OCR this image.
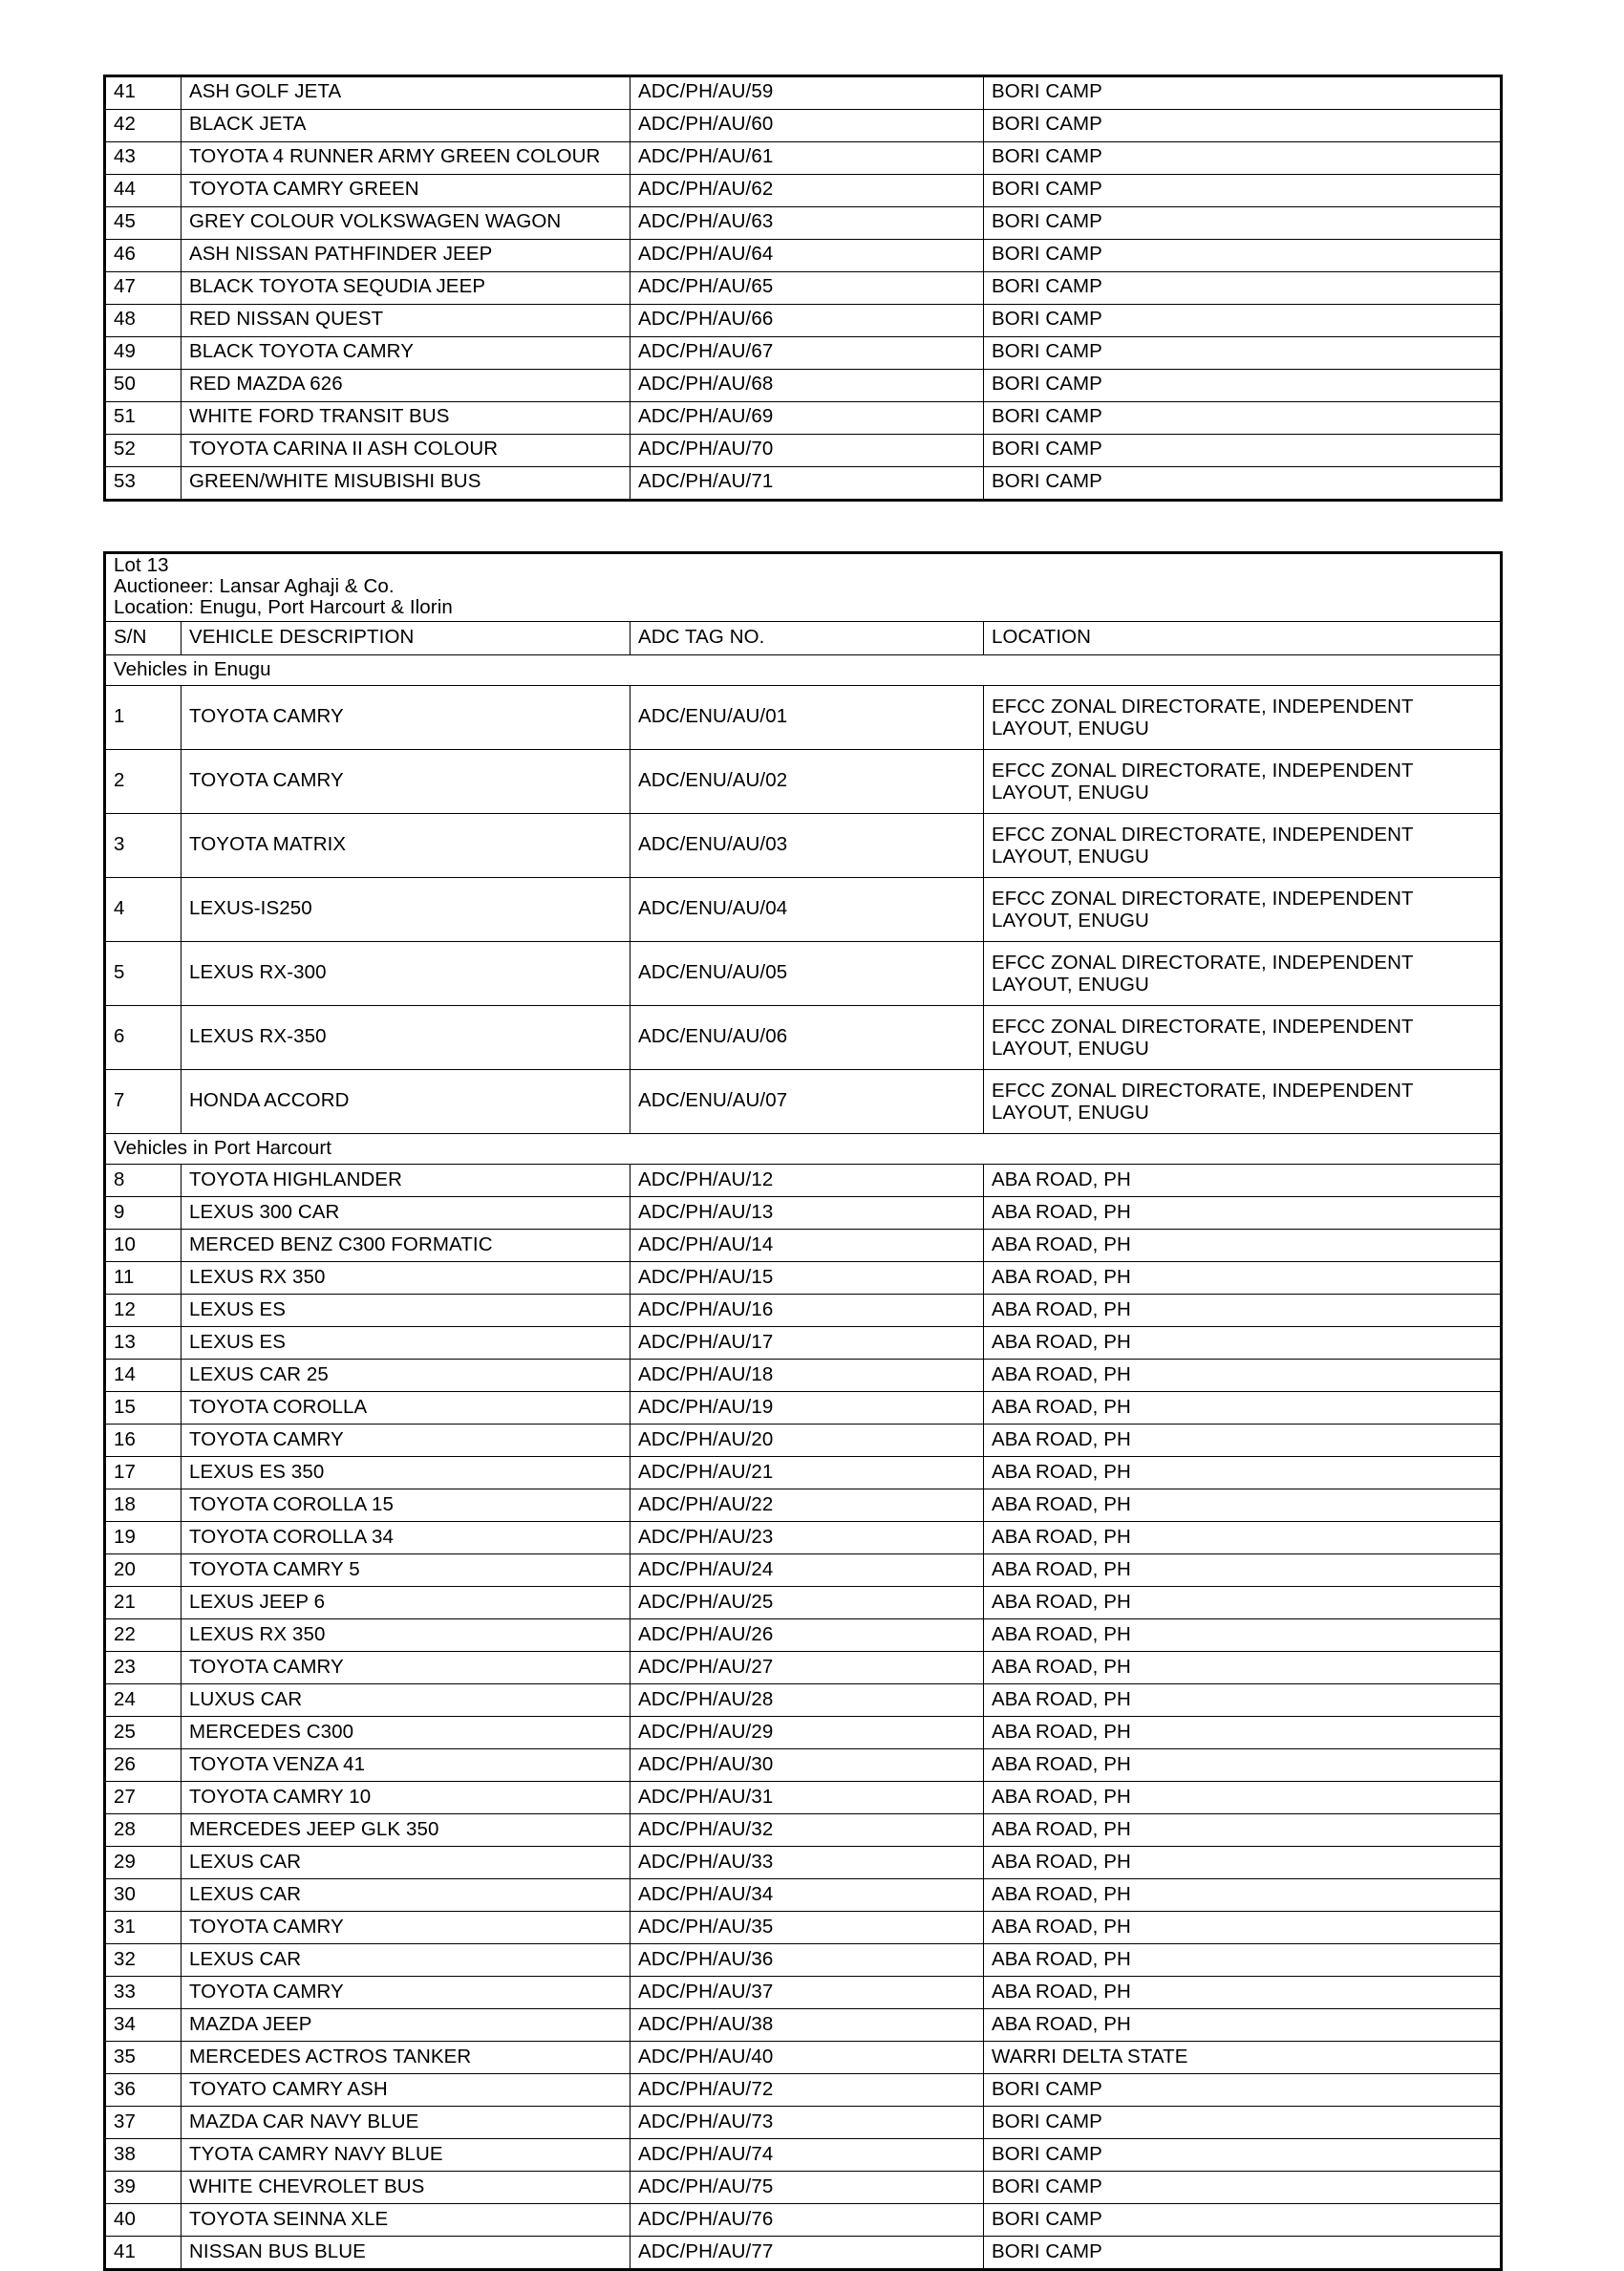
41	ASH GOLF JETA	ADC/PH/AU/59	BORI CAMP
42	BLACK JETA	ADC/PH/AU/60	BORI CAMP
43	TOYOTA 4 RUNNER ARMY GREEN COLOUR	ADC/PH/AU/61	BORI CAMP
44	TOYOTA CAMRY GREEN	ADC/PH/AU/62	BORI CAMP
45	GREY COLOUR VOLKSWAGEN WAGON	ADC/PH/AU/63	BORI CAMP
46	ASH NISSAN PATHFINDER JEEP	ADC/PH/AU/64	BORI CAMP
47	BLACK TOYOTA SEQUDIA JEEP	ADC/PH/AU/65	BORI CAMP
48	RED NISSAN QUEST	ADC/PH/AU/66	BORI CAMP
49	BLACK TOYOTA CAMRY	ADC/PH/AU/67	BORI CAMP
50	RED MAZDA 626	ADC/PH/AU/68	BORI CAMP
51	WHITE FORD TRANSIT BUS	ADC/PH/AU/69	BORI CAMP
52	TOYOTA CARINA II ASH COLOUR	ADC/PH/AU/70	BORI CAMP
53	GREEN/WHITE MISUBISHI BUS	ADC/PH/AU/71	BORI CAMP
Lot 13
Auctioneer: Lansar Aghaji & Co.
Location: Enugu, Port Harcourt & Ilorin			

S/N	VEHICLE DESCRIPTION	ADC TAG NO.	LOCATION
Vehicles in Enugu			
1	TOYOTA CAMRY	ADC/ENU/AU/01	EFCC ZONAL DIRECTORATE, INDEPENDENT LAYOUT, ENUGU
2	TOYOTA CAMRY	ADC/ENU/AU/02	EFCC ZONAL DIRECTORATE, INDEPENDENT LAYOUT, ENUGU
3	TOYOTA MATRIX	ADC/ENU/AU/03	EFCC ZONAL DIRECTORATE, INDEPENDENT LAYOUT, ENUGU
4	LEXUS-IS250	ADC/ENU/AU/04	EFCC ZONAL DIRECTORATE, INDEPENDENT LAYOUT, ENUGU
5	LEXUS RX-300	ADC/ENU/AU/05	EFCC ZONAL DIRECTORATE, INDEPENDENT LAYOUT, ENUGU
6	LEXUS RX-350	ADC/ENU/AU/06	EFCC ZONAL DIRECTORATE, INDEPENDENT LAYOUT, ENUGU
7	HONDA ACCORD	ADC/ENU/AU/07	EFCC ZONAL DIRECTORATE, INDEPENDENT LAYOUT, ENUGU
Vehicles in Port Harcourt			
8	TOYOTA HIGHLANDER	ADC/PH/AU/12	ABA ROAD, PH
9	LEXUS 300 CAR	ADC/PH/AU/13	ABA ROAD, PH
10	MERCED BENZ C300 FORMATIC	ADC/PH/AU/14	ABA ROAD, PH
11	LEXUS RX 350	ADC/PH/AU/15	ABA ROAD, PH
12	LEXUS ES	ADC/PH/AU/16	ABA ROAD, PH
13	LEXUS ES	ADC/PH/AU/17	ABA ROAD, PH
14	LEXUS CAR 25	ADC/PH/AU/18	ABA ROAD, PH
15	TOYOTA COROLLA	ADC/PH/AU/19	ABA ROAD, PH
16	TOYOTA CAMRY	ADC/PH/AU/20	ABA ROAD, PH
17	LEXUS ES 350	ADC/PH/AU/21	ABA ROAD, PH
18	TOYOTA COROLLA 15	ADC/PH/AU/22	ABA ROAD, PH
19	TOYOTA COROLLA 34	ADC/PH/AU/23	ABA ROAD, PH
20	TOYOTA CAMRY 5	ADC/PH/AU/24	ABA ROAD, PH
21	LEXUS JEEP 6	ADC/PH/AU/25	ABA ROAD, PH
22	LEXUS RX 350	ADC/PH/AU/26	ABA ROAD, PH
23	TOYOTA CAMRY	ADC/PH/AU/27	ABA ROAD, PH
24	LUXUS CAR	ADC/PH/AU/28	ABA ROAD, PH
25	MERCEDES C300	ADC/PH/AU/29	ABA ROAD, PH
26	TOYOTA VENZA 41	ADC/PH/AU/30	ABA ROAD, PH
27	TOYOTA CAMRY 10	ADC/PH/AU/31	ABA ROAD, PH
28	MERCEDES JEEP GLK 350	ADC/PH/AU/32	ABA ROAD, PH
29	LEXUS CAR	ADC/PH/AU/33	ABA ROAD, PH
30	LEXUS CAR	ADC/PH/AU/34	ABA ROAD, PH
31	TOYOTA CAMRY	ADC/PH/AU/35	ABA ROAD, PH
32	LEXUS CAR	ADC/PH/AU/36	ABA ROAD, PH
33	TOYOTA CAMRY	ADC/PH/AU/37	ABA ROAD, PH
34	MAZDA JEEP	ADC/PH/AU/38	ABA ROAD, PH
35	MERCEDES ACTROS TANKER	ADC/PH/AU/40	WARRI DELTA STATE
36	TOYATO CAMRY ASH	ADC/PH/AU/72	BORI CAMP
37	MAZDA CAR NAVY BLUE	ADC/PH/AU/73	BORI CAMP
38	TYOTA CAMRY NAVY BLUE	ADC/PH/AU/74	BORI CAMP
39	WHITE CHEVROLET BUS	ADC/PH/AU/75	BORI CAMP
40	TOYOTA SEINNA XLE	ADC/PH/AU/76	BORI CAMP
41	NISSAN BUS BLUE	ADC/PH/AU/77	BORI CAMP
